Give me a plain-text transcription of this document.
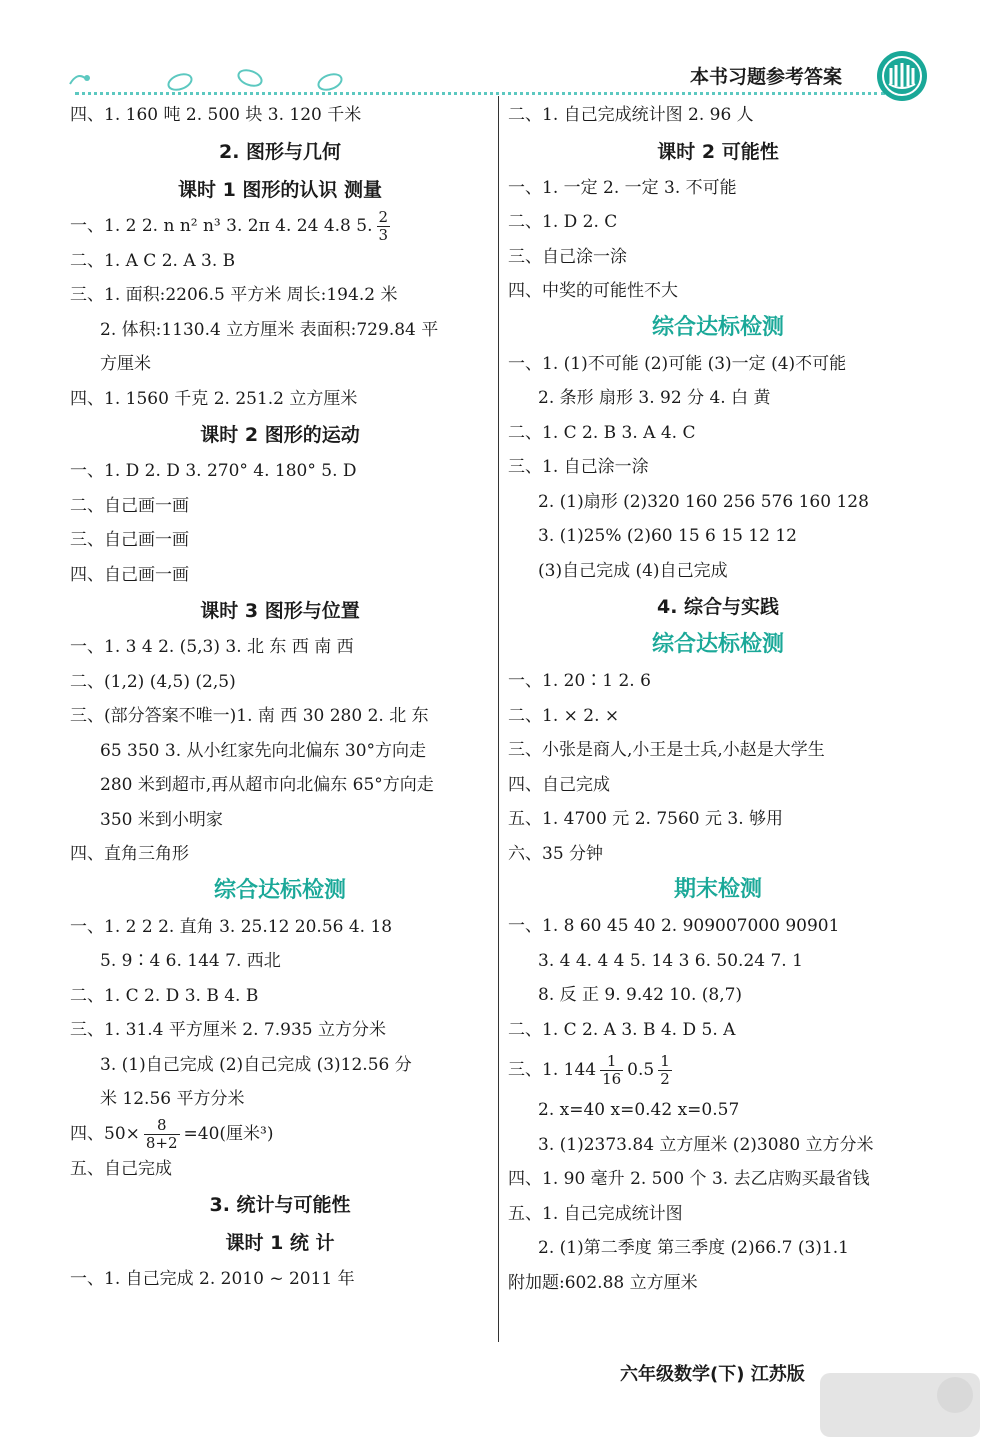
本书习题参考答案
四、1. 160 吨 2. 500 块 3. 120 千米
2. 图形与几何
课时 1 图形的认识 测量
一、1. 2 2. n n² n³ 3. 2π 4. 24 4.8 5. $\frac{2}{3}$
二、1. A C 2. A 3. B
三、1. 面积:2206.5 平方米 周长:194.2 米
2. 体积:1130.4 立方厘米 表面积:729.84 平
方厘米
四、1. 1560 千克 2. 251.2 立方厘米
课时 2 图形的运动
一、1. D 2. D 3. 270° 4. 180° 5. D
二、自己画一画
三、自己画一画
四、自己画一画
课时 3 图形与位置
一、1. 3 4 2. (5,3) 3. 北 东 西 南 西
二、(1,2) (4,5) (2,5)
三、(部分答案不唯一)1. 南 西 30 280 2. 北 东
65 350 3. 从小红家先向北偏东 30°方向走
280 米到超市,再从超市向北偏东 65°方向走
350 米到小明家
四、直角三角形
综合达标检测
一、1. 2 2 2. 直角 3. 25.12 20.56 4. 18
5. 9∶4 6. 144 7. 西北
二、1. C 2. D 3. B 4. B
三、1. 31.4 平方厘米 2. 7.935 立方分米
3. (1)自己完成 (2)自己完成 (3)12.56 分
米 12.56 平方分米
四、$50\times \frac{8}{8+2} =40$(厘米³)
五、自己完成
3. 统计与可能性
课时 1 统 计
一、1. 自己完成 2. 2010 ~ 2011 年
二、1. 自己完成统计图 2. 96 人
课时 2 可能性
一、1. 一定 2. 一定 3. 不可能
二、1. D 2. C
三、自己涂一涂
四、中奖的可能性不大
综合达标检测
一、1. (1)不可能 (2)可能 (3)一定 (4)不可能
2. 条形 扇形 3. 92 分 4. 白 黄
二、1. C 2. B 3. A 4. C
三、1. 自己涂一涂
2. (1)扇形 (2)320 160 256 576 160 128
3. (1)25% (2)60 15 6 15 12 12
(3)自己完成 (4)自己完成
4. 综合与实践
综合达标检测
一、1. 20∶1 2. 6
二、1. × 2. ×
三、小张是商人,小王是士兵,小赵是大学生
四、自己完成
五、1. 4700 元 2. 7560 元 3. 够用
六、35 分钟
期末检测
一、1. 8 60 45 40 2. 909007000 90901
3. 4 4. 4 4 5. 14 3 6. 50.24 7. 1
8. 反 正 9. 9.42 10. (8,7)
二、1. C 2. A 3. B 4. D 5. A
三、1. $144 \frac{1}{16} 0.5 \frac{1}{2}$
2. x=40 x=0.42 x=0.57
3. (1)2373.84 立方厘米 (2)3080 立方分米
四、1. 90 毫升 2. 500 个 3. 去乙店购买最省钱
五、1. 自己完成统计图
2. (1)第二季度 第三季度 (2)66.7 (3)1.1
附加题:602.88 立方厘米
六年级数学(下) 江苏版
